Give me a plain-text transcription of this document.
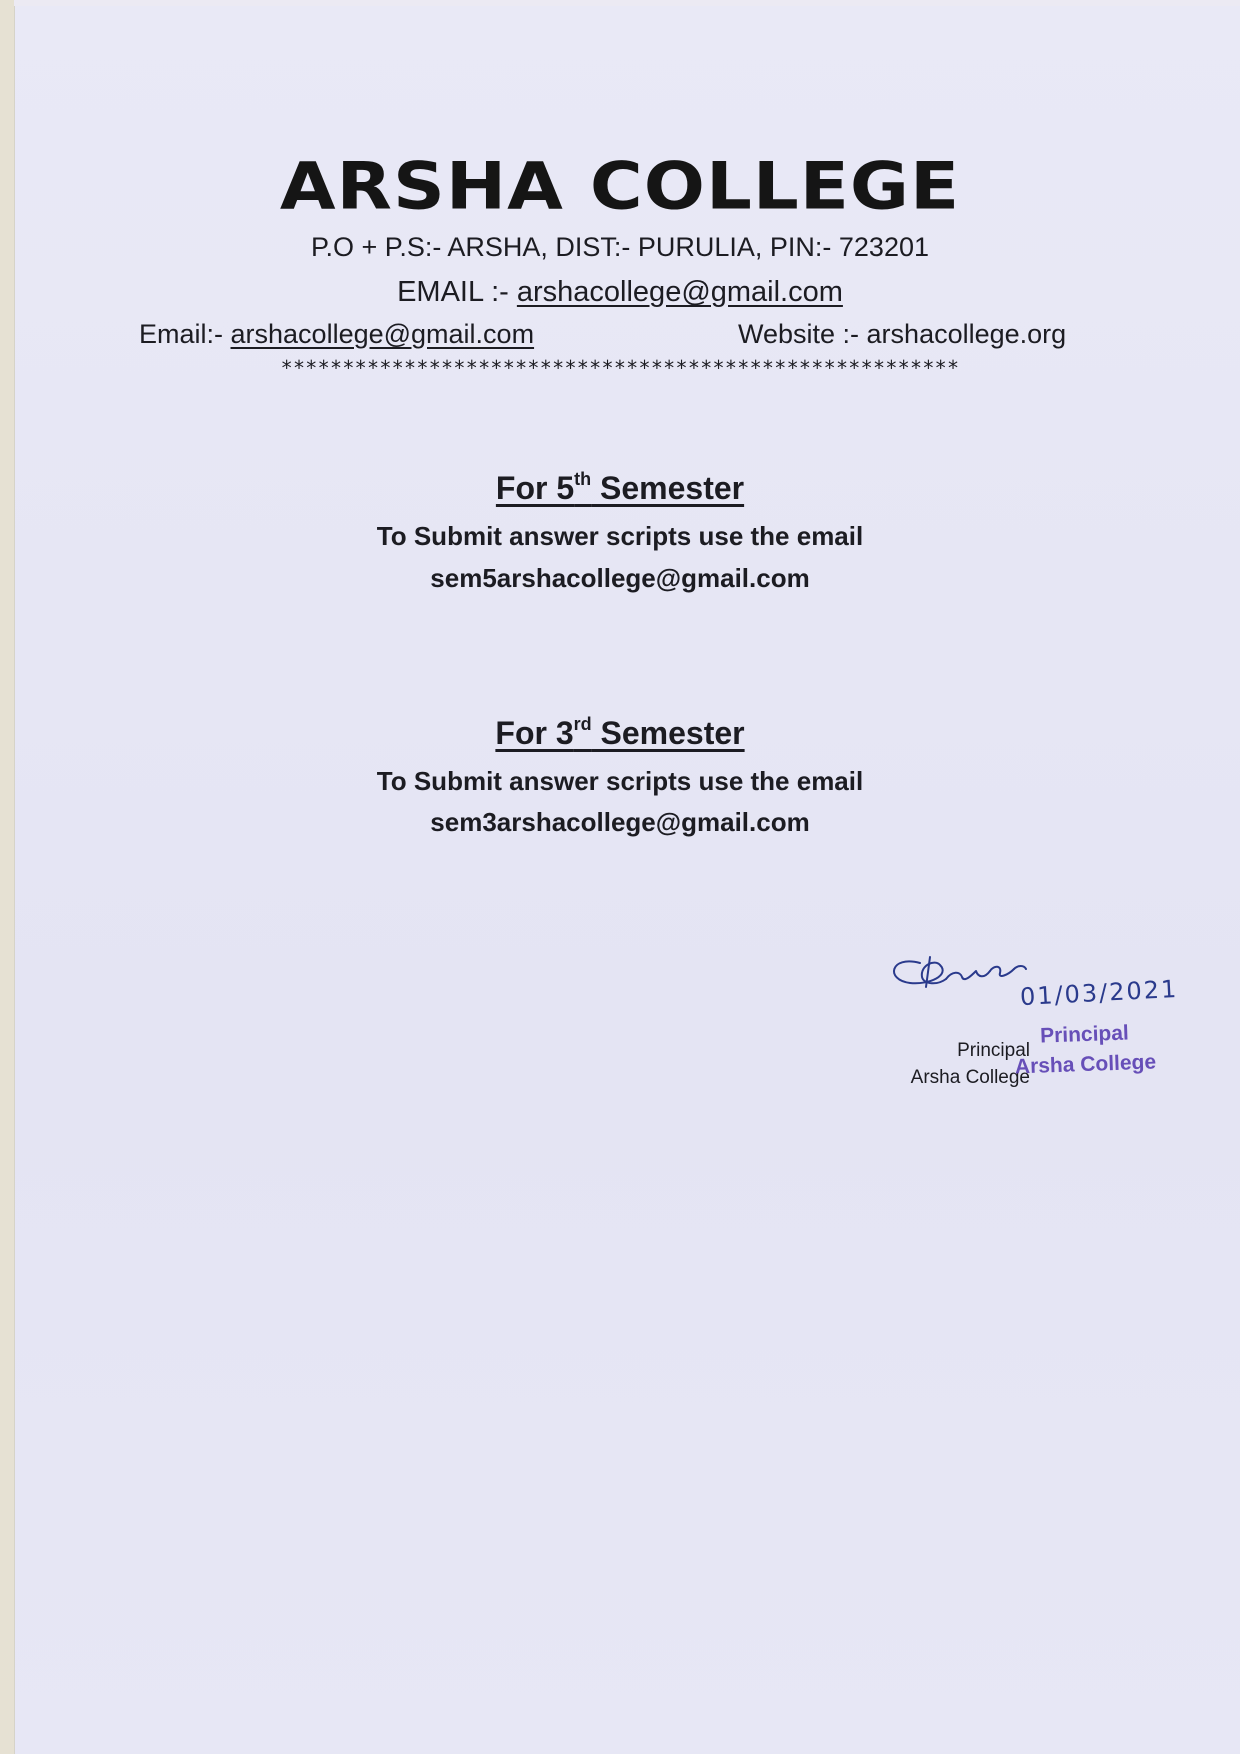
ARSHA COLLEGE
P.O + P.S:- ARSHA, DIST:- PURULIA, PIN:- 723201
EMAIL :- arshacollege@gmail.com
Email:- arshacollege@gmail.com	Website :- arshacollege.org
*******************************************************
For 5th Semester
To Submit answer scripts use the email
sem5arshacollege@gmail.com
For 3rd Semester
To Submit answer scripts use the email
sem3arshacollege@gmail.com
01/03/2021
Principal
Arsha College
Principal
Arsha College
